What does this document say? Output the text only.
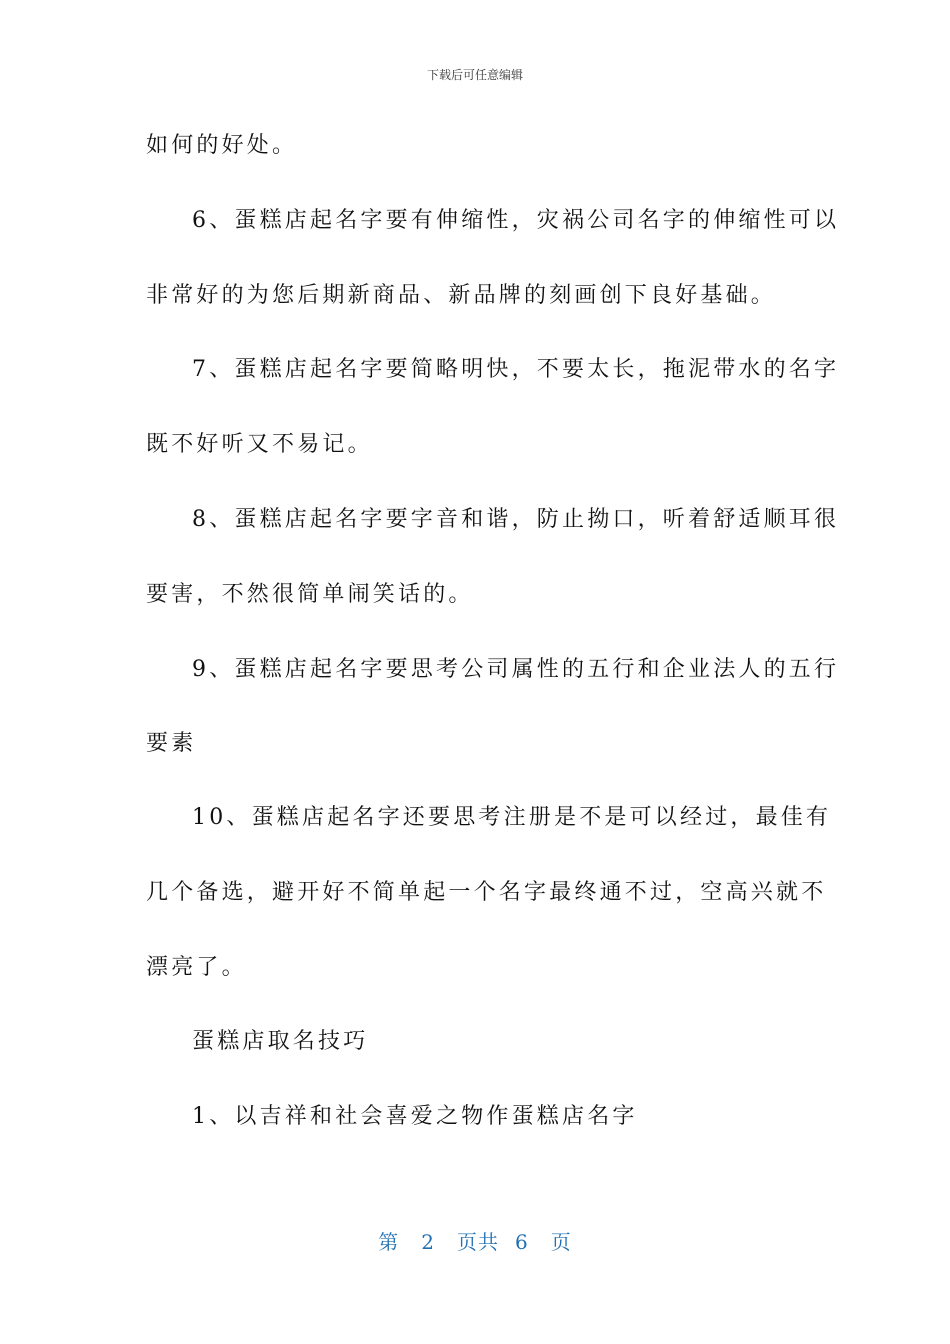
下载后可任意编辑
如何的好处。
6、蛋糕店起名字要有伸缩性，灾祸公司名字的伸缩性可以
非常好的为您后期新商品、新品牌的刻画创下良好基础。
7、蛋糕店起名字要简略明快，不要太长，拖泥带水的名字
既不好听又不易记。
8、蛋糕店起名字要字音和谐，防止拗口，听着舒适顺耳很
要害，不然很简单闹笑话的。
9、蛋糕店起名字要思考公司属性的五行和企业法人的五行
要素
10、蛋糕店起名字还要思考注册是不是可以经过，最佳有
几个备选，避开好不简单起一个名字最终通不过，空高兴就不
漂亮了。
蛋糕店取名技巧
1、以吉祥和社会喜爱之物作蛋糕店名字
第 2 页共 6 页
